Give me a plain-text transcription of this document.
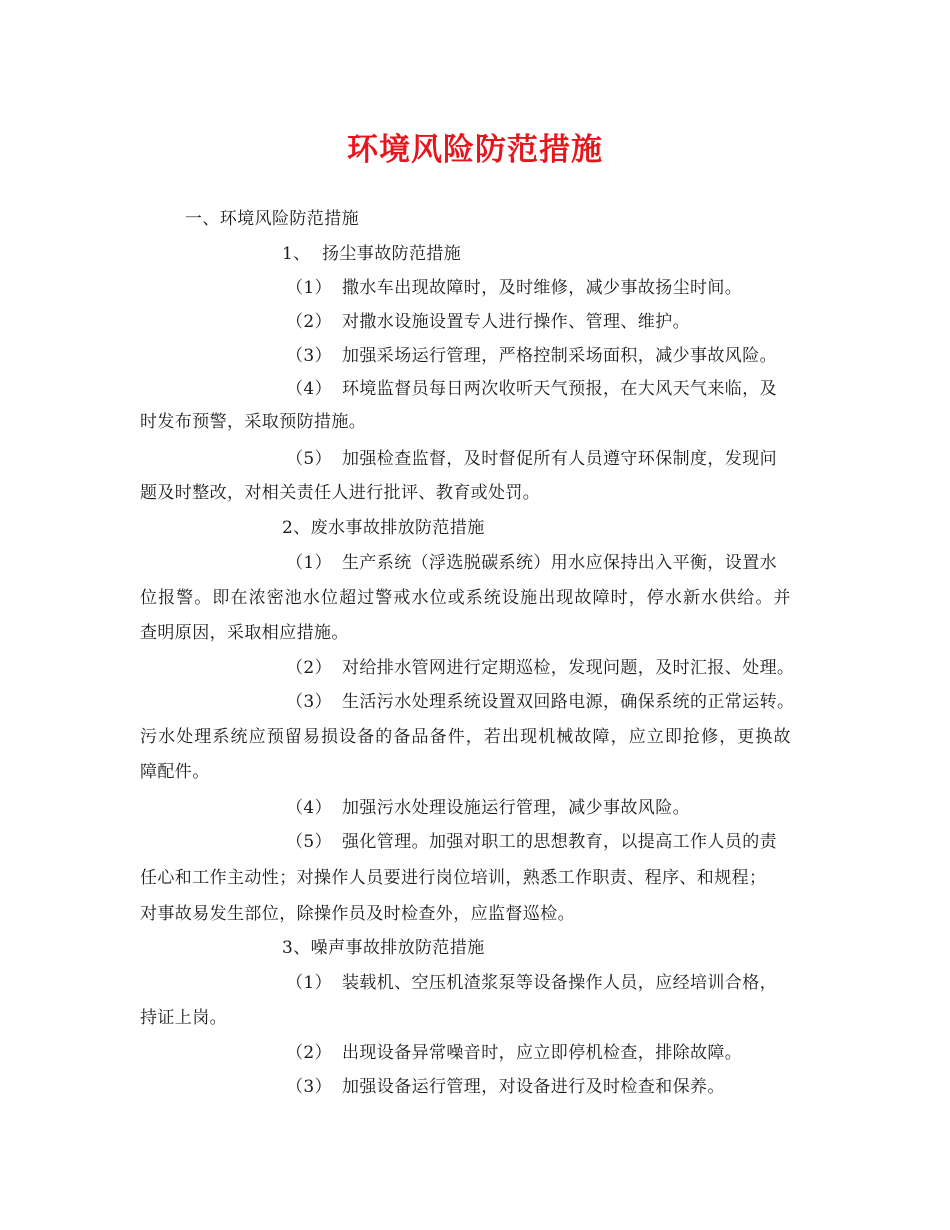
环境风险防范措施
一、环境风险防范措施
1、 扬尘事故防范措施
（1） 撒水车出现故障时，及时维修，减少事故扬尘时间。
（2） 对撒水设施设置专人进行操作、管理、维护。
（3） 加强采场运行管理，严格控制采场面积，减少事故风险。
（4） 环境监督员每日两次收听天气预报，在大风天气来临，及
时发布预警，采取预防措施。
（5） 加强检查监督，及时督促所有人员遵守环保制度，发现问
题及时整改，对相关责任人进行批评、教育或处罚。
2、废水事故排放防范措施
（1） 生产系统（浮选脱碳系统）用水应保持出入平衡，设置水
位报警。即在浓密池水位超过警戒水位或系统设施出现故障时，停水新水供给。并
查明原因，采取相应措施。
（2） 对给排水管网进行定期巡检，发现问题，及时汇报、处理。
（3） 生活污水处理系统设置双回路电源，确保系统的正常运转。
污水处理系统应预留易损设备的备品备件，若出现机械故障，应立即抢修，更换故
障配件。
（4） 加强污水处理设施运行管理，减少事故风险。
（5） 强化管理。加强对职工的思想教育，以提高工作人员的责
任心和工作主动性；对操作人员要进行岗位培训，熟悉工作职责、程序、和规程；
对事故易发生部位，除操作员及时检查外，应监督巡检。
3、噪声事故排放防范措施
（1） 装载机、空压机渣浆泵等设备操作人员，应经培训合格，
持证上岗。
（2） 出现设备异常噪音时，应立即停机检查，排除故障。
（3） 加强设备运行管理，对设备进行及时检查和保养。
